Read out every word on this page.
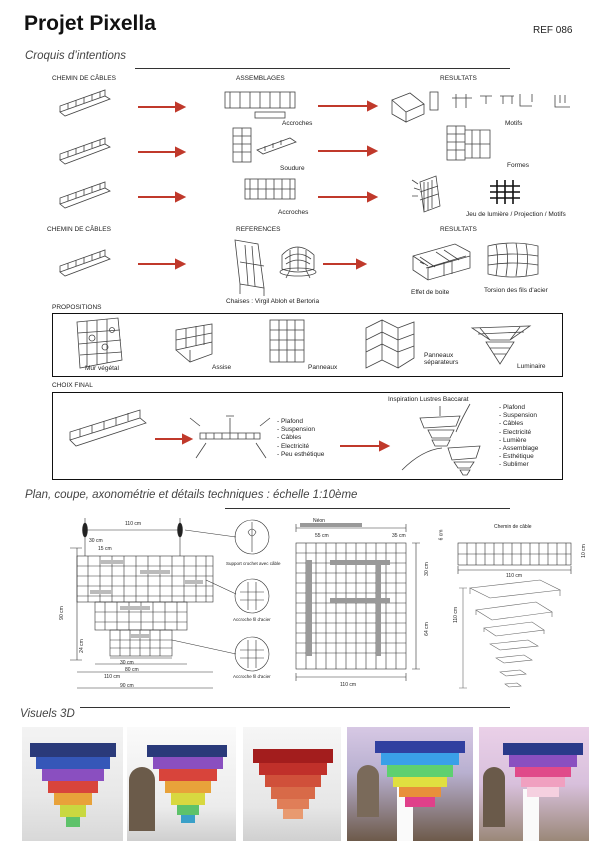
Projet Pixella	REF 086
Croquis d’intentions
CHEMIN DE CÂBLES	ASSEMBLAGES	RESULTATS
Accroches	Motifs
Soudure	Formes
Accroches	Jeu de lumière / Projection / Motifs
CHEMIN DE CÂBLES	REFERENCES	RESULTATS
Chaises : Virgil Abloh et Bertoria
Effet de boite	Torsion des fils d'acier
PROPOSITIONS
Mur végétal	Assise	Panneaux
Panneaux
séparateurs
Luminaire
CHOIX FINAL
- Plafond
- Suspension
- Câbles
- Electricité
- Peu esthétique
Inspiration Lustres Baccarat
- Plafond
- Suspension
- Câbles
- Electricité
- Lumière
- Assemblage
- Esthétique
- Sublimer
Plan, coupe, axonométrie et détails techniques : échelle 1:10ème
110 cm
30 cm
15 cm
90 cm
24 cm
30 cm
80 cm
110 cm
90 cm
Néon
55 cm	35 cm
30 cm
64 cm
110 cm
Chemin de câble
6 cm
10 cm
110 cm
110 cm
Support crochet avec câble
Accroche fil d'acier
Accroche fil d'acier
Visuels 3D
